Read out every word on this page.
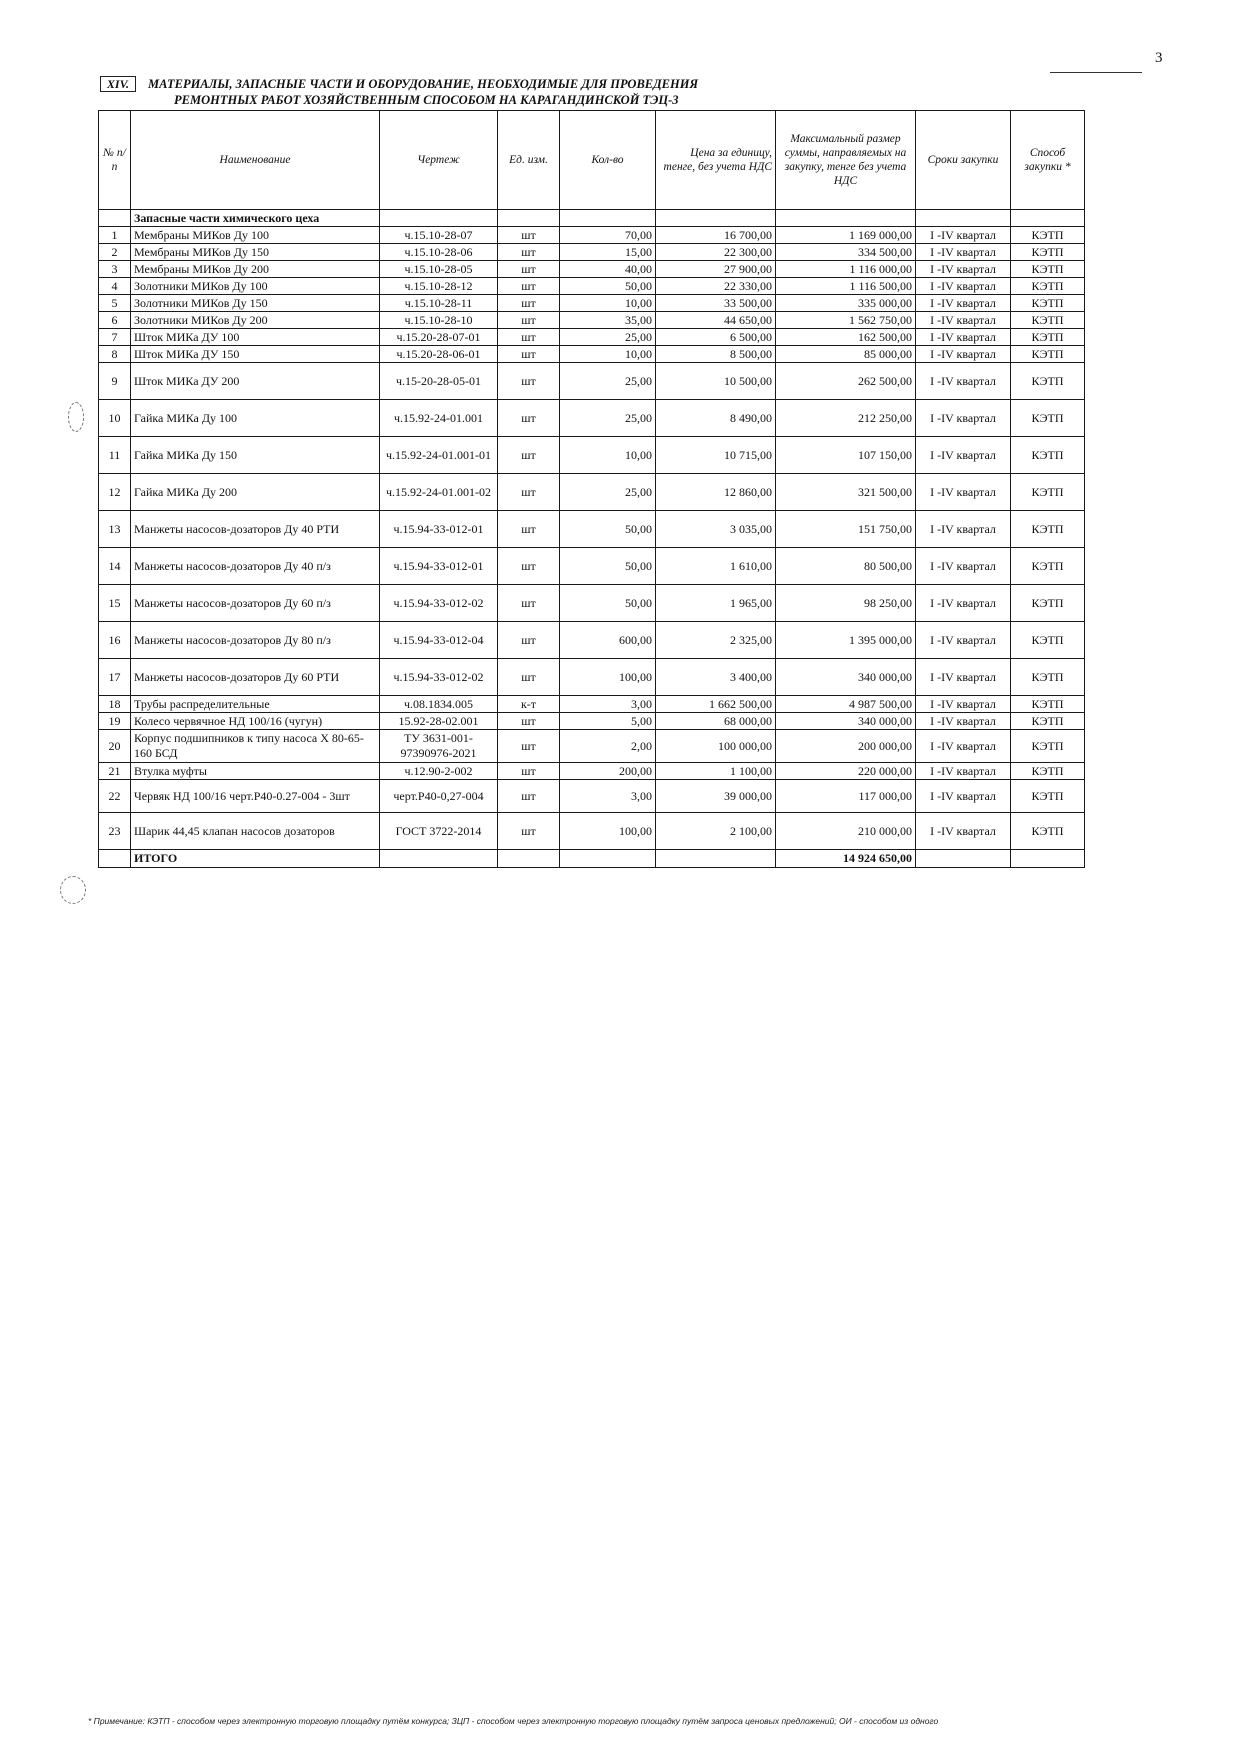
3
XIV. МАТЕРИАЛЫ, ЗАПАСНЫЕ ЧАСТИ И ОБОРУДОВАНИЕ, НЕОБХОДИМЫЕ ДЛЯ ПРОВЕДЕНИЯ
РЕМОНТНЫХ РАБОТ ХОЗЯЙСТВЕННЫМ СПОСОБОМ НА КАРАГАНДИНСКОЙ ТЭЦ-3
№ п/п	Наименование	Чертеж	Ед. изм.	Кол-во	Цена за единицу, тенге, без учета НДС	Максимальный размер суммы, направляемых на закупку, тенге без учета НДС	Сроки закупки	Способ закупки *
	Запасные части химического цеха							
1	Мембраны МИКов Ду 100	ч.15.10-28-07	шт	70,00	16 700,00	1 169 000,00	I -IV квартал	КЭТП
2	Мембраны МИКов Ду 150	ч.15.10-28-06	шт	15,00	22 300,00	334 500,00	I -IV квартал	КЭТП
3	Мембраны МИКов Ду 200	ч.15.10-28-05	шт	40,00	27 900,00	1 116 000,00	I -IV квартал	КЭТП
4	Золотники МИКов Ду 100	ч.15.10-28-12	шт	50,00	22 330,00	1 116 500,00	I -IV квартал	КЭТП
5	Золотники МИКов Ду 150	ч.15.10-28-11	шт	10,00	33 500,00	335 000,00	I -IV квартал	КЭТП
6	Золотники МИКов Ду 200	ч.15.10-28-10	шт	35,00	44 650,00	1 562 750,00	I -IV квартал	КЭТП
7	Шток МИКа ДУ 100	ч.15.20-28-07-01	шт	25,00	6 500,00	162 500,00	I -IV квартал	КЭТП
8	Шток МИКа ДУ 150	ч.15.20-28-06-01	шт	10,00	8 500,00	85 000,00	I -IV квартал	КЭТП
9	Шток МИКа ДУ 200	ч.15-20-28-05-01	шт	25,00	10 500,00	262 500,00	I -IV квартал	КЭТП
10	Гайка МИКа Ду 100	ч.15.92-24-01.001	шт	25,00	8 490,00	212 250,00	I -IV квартал	КЭТП
11	Гайка МИКа Ду 150	ч.15.92-24-01.001-01	шт	10,00	10 715,00	107 150,00	I -IV квартал	КЭТП
12	Гайка МИКа Ду 200	ч.15.92-24-01.001-02	шт	25,00	12 860,00	321 500,00	I -IV квартал	КЭТП
13	Манжеты насосов-дозаторов Ду 40 РТИ	ч.15.94-33-012-01	шт	50,00	3 035,00	151 750,00	I -IV квартал	КЭТП
14	Манжеты насосов-дозаторов Ду 40 п/з	ч.15.94-33-012-01	шт	50,00	1 610,00	80 500,00	I -IV квартал	КЭТП
15	Манжеты насосов-дозаторов Ду 60 п/з	ч.15.94-33-012-02	шт	50,00	1 965,00	98 250,00	I -IV квартал	КЭТП
16	Манжеты насосов-дозаторов Ду 80 п/з	ч.15.94-33-012-04	шт	600,00	2 325,00	1 395 000,00	I -IV квартал	КЭТП
17	Манжеты насосов-дозаторов Ду 60 РТИ	ч.15.94-33-012-02	шт	100,00	3 400,00	340 000,00	I -IV квартал	КЭТП
18	Трубы распределительные	ч.08.1834.005	к-т	3,00	1 662 500,00	4 987 500,00	I -IV квартал	КЭТП
19	Колесо червячное НД 100/16 (чугун)	15.92-28-02.001	шт	5,00	68 000,00	340 000,00	I -IV квартал	КЭТП
20	Корпус подшипников к типу насоса Х 80-65-160 БСД	ТУ 3631-001-97390976-2021	шт	2,00	100 000,00	200 000,00	I -IV квартал	КЭТП
21	Втулка муфты	ч.12.90-2-002	шт	200,00	1 100,00	220 000,00	I -IV квартал	КЭТП
22	Червяк НД 100/16 черт.Р40-0.27-004 - 3шт	черт.Р40-0,27-004	шт	3,00	39 000,00	117 000,00	I -IV квартал	КЭТП
23	Шарик 44,45 клапан насосов дозаторов	ГОСТ 3722-2014	шт	100,00	2 100,00	210 000,00	I -IV квартал	КЭТП
	ИТОГО					14 924 650,00		
* Примечание: КЭТП - способом через электронную торговую площадку путём конкурса; ЗЦП - способом через электронную торговую площадку путём запроса ценовых предложений; ОИ - способом из одного
